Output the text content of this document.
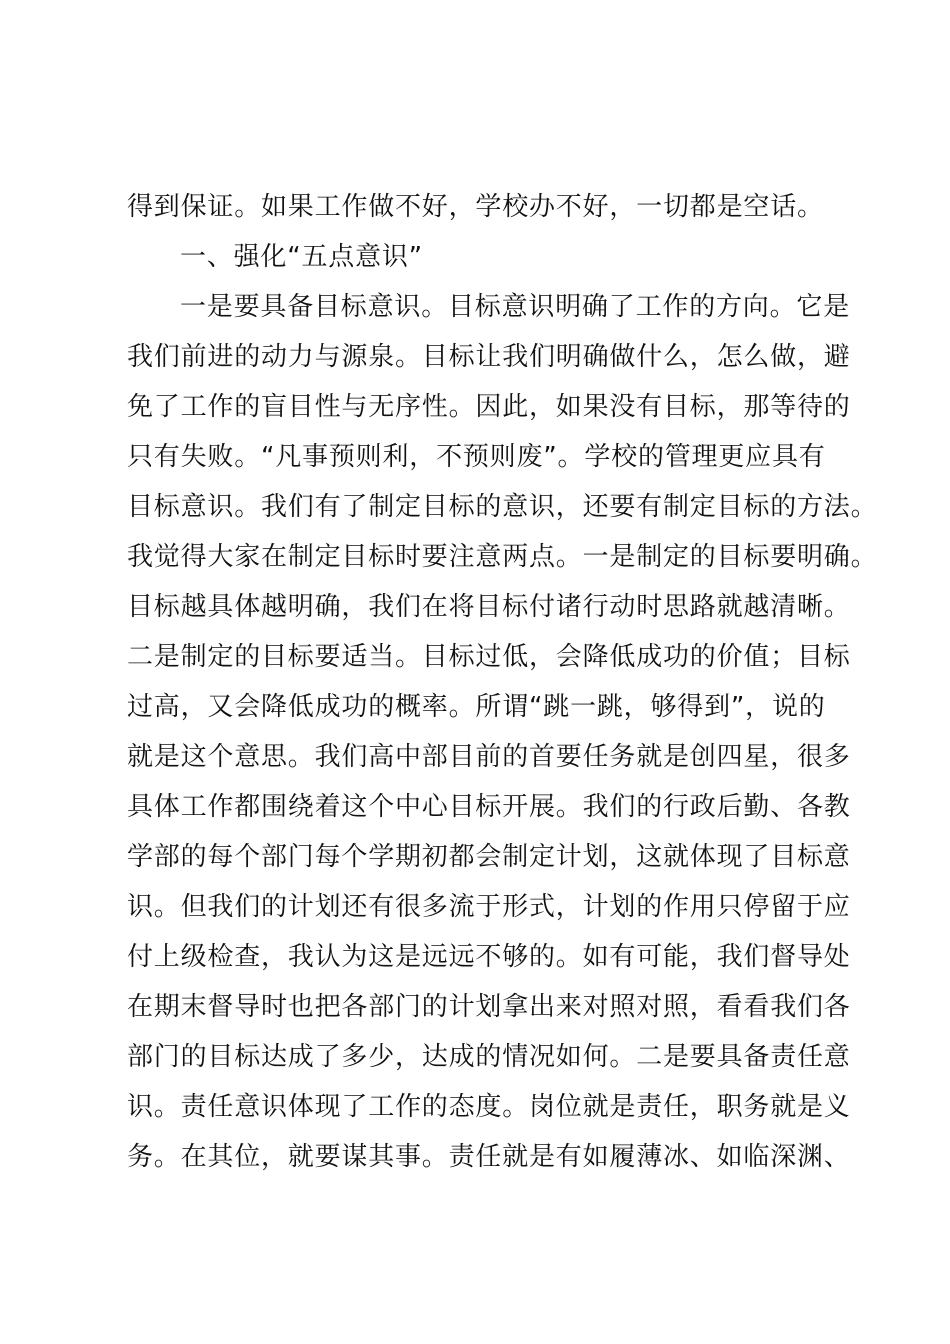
得到保证。如果工作做不好，学校办不好，一切都是空话。
一、强化“五点意识”
一是要具备目标意识。目标意识明确了工作的方向。它是
我们前进的动力与源泉。目标让我们明确做什么，怎么做，避
免了工作的盲目性与无序性。因此，如果没有目标，那等待的
只有失败。“凡事预则利，不预则废”。学校的管理更应具有
目标意识。我们有了制定目标的意识，还要有制定目标的方法。
我觉得大家在制定目标时要注意两点。一是制定的目标要明确。
目标越具体越明确，我们在将目标付诸行动时思路就越清晰。
二是制定的目标要适当。目标过低，会降低成功的价值；目标
过高，又会降低成功的概率。所谓“跳一跳，够得到”，说的
就是这个意思。我们高中部目前的首要任务就是创四星，很多
具体工作都围绕着这个中心目标开展。我们的行政后勤、各教
学部的每个部门每个学期初都会制定计划，这就体现了目标意
识。但我们的计划还有很多流于形式，计划的作用只停留于应
付上级检查，我认为这是远远不够的。如有可能，我们督导处
在期末督导时也把各部门的计划拿出来对照对照，看看我们各
部门的目标达成了多少，达成的情况如何。二是要具备责任意
识。责任意识体现了工作的态度。岗位就是责任，职务就是义
务。在其位，就要谋其事。责任就是有如履薄冰、如临深渊、
